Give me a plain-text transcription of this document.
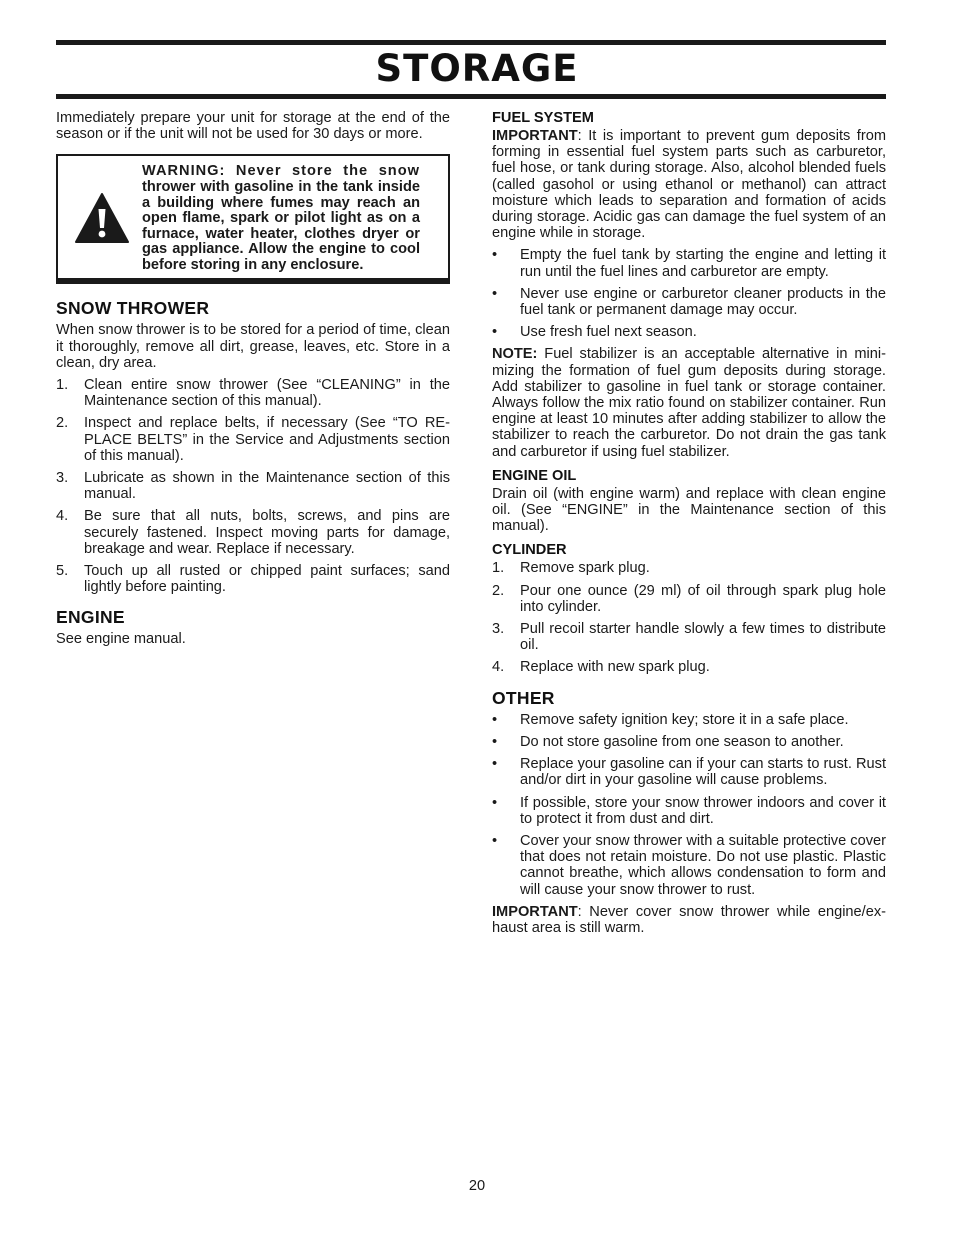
STORAGE

Immediately prepare your unit for storage at the end of the season or if the unit will not be used for 30 days or more.

WARNING: Never store the snow thrower with gasoline in the tank inside a building where fumes may reach an open flame, spark or pilot light as on a furnace, water heater, clothes dryer or gas appliance. Allow the engine to cool before storing in any enclosure.
SNOW THROWER

When snow thrower is to be stored for a period of time, clean it thoroughly, remove all dirt, grease, leaves, etc. Store in a clean, dry area.

1. Clean entire snow thrower (See “CLEANING” in the Maintenance section of this manual).
2. Inspect and replace belts, if necessary (See “TO RE-PLACE BELTS” in the Service and Adjustments section of this manual).
3. Lubricate as shown in the Maintenance section of this manual.
4. Be sure that all nuts, bolts, screws, and pins are securely fastened. Inspect moving parts for damage, breakage and wear. Replace if necessary.
5. Touch up all rusted or chipped paint surfaces; sand lightly before painting.
ENGINE

See engine manual.

FUEL SYSTEM

IMPORTANT: It is important to prevent gum deposits from forming in essential fuel system parts such as carburetor, fuel hose, or tank during storage. Also, alcohol blended fuels (called gasohol or using ethanol or methanol) can attract moisture which leads to separation and formation of acids during storage. Acidic gas can damage the fuel system of an engine while in storage.

• Empty the fuel tank by starting the engine and letting it run until the fuel lines and carburetor are empty.
• Never use engine or carburetor cleaner products in the fuel tank or permanent damage may occur.
• Use fresh fuel next season.

NOTE: Fuel stabilizer is an acceptable alternative in mini-mizing the formation of fuel gum deposits during storage. Add stabilizer to gasoline in fuel tank or storage container. Always follow the mix ratio found on stabilizer container. Run engine at least 10 minutes after adding stabilizer to allow the stabilizer to reach the carburetor. Do not drain the gas tank and carburetor if using fuel stabilizer.

ENGINE OIL

Drain oil (with engine warm) and replace with clean engine oil. (See “ENGINE” in the Maintenance section of this manual).

CYLINDER
1. Remove spark plug.
2. Pour one ounce (29 ml) of oil through spark plug hole into cylinder.
3. Pull recoil starter handle slowly a few times to distribute oil.
4. Replace with new spark plug.
OTHER
• Remove safety ignition key; store it in a safe place.
• Do not store gasoline from one season to another.
• Replace your gasoline can if your can starts to rust. Rust and/or dirt in your gasoline will cause problems.
• If possible, store your snow thrower indoors and cover it to protect it from dust and dirt.
• Cover your snow thrower with a suitable protective cover that does not retain moisture. Do not use plastic. Plastic cannot breathe, which allows condensation to form and will cause your snow thrower to rust.

IMPORTANT: Never cover snow thrower while engine/ex-haust area is still warm.

20
